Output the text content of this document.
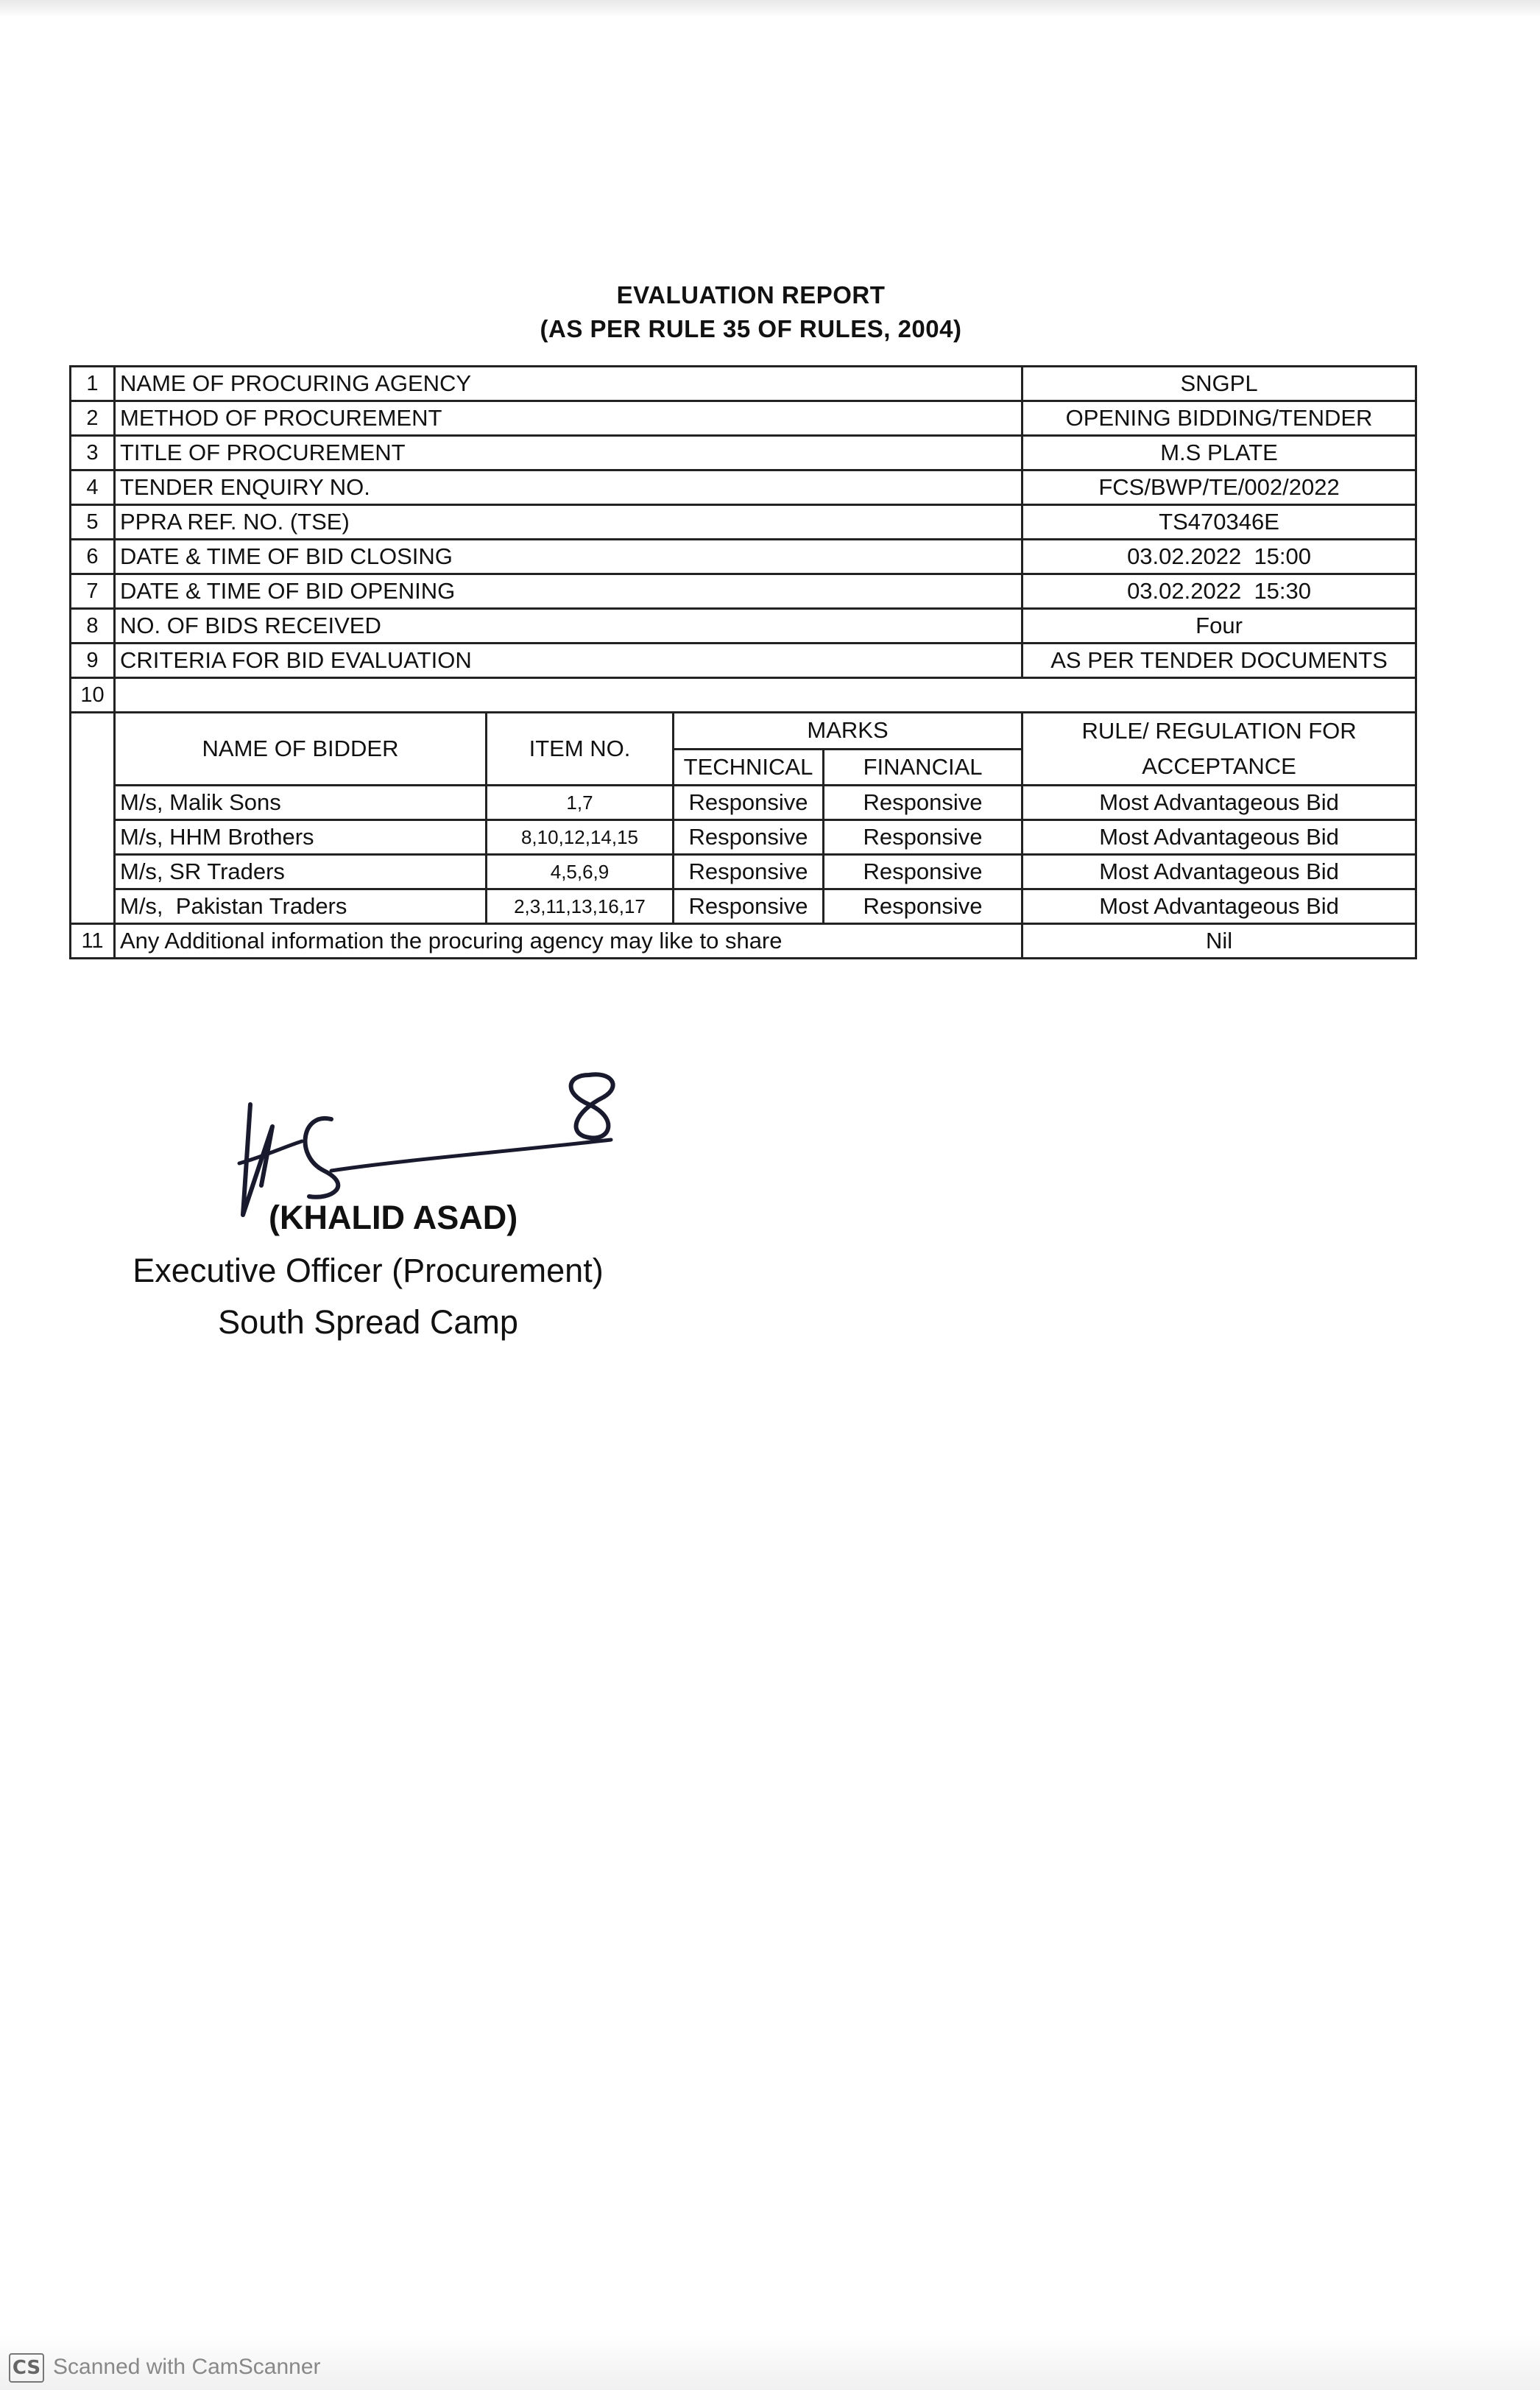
EVALUATION REPORT
(AS PER RULE 35 OF RULES, 2004)
1	NAME OF PROCURING AGENCY				SNGPL
2	METHOD OF PROCUREMENT				OPENING BIDDING/TENDER
3	TITLE OF PROCUREMENT				M.S PLATE
4	TENDER ENQUIRY NO.				FCS/BWP/TE/002/2022
5	PPRA REF. NO. (TSE)				TS470346E
6	DATE & TIME OF BID CLOSING				03.02.2022  15:00
7	DATE & TIME OF BID OPENING				03.02.2022  15:30
8	NO. OF BIDS RECEIVED				Four
9	CRITERIA FOR BID EVALUATION				AS PER TENDER DOCUMENTS
10					
	NAME OF BIDDER	ITEM NO.	MARKS		RULE/ REGULATION FOR ACCEPTANCE
			TECHNICAL	FINANCIAL	
	M/s, Malik Sons	1,7	Responsive	Responsive	Most Advantageous Bid
	M/s, HHM Brothers	8,10,12,14,15	Responsive	Responsive	Most Advantageous Bid
	M/s, SR Traders	4,5,6,9	Responsive	Responsive	Most Advantageous Bid
	M/s,  Pakistan Traders	2,3,11,13,16,17	Responsive	Responsive	Most Advantageous Bid
11	Any Additional information the procuring agency may like to share				Nil
(KHALID ASAD)
Executive Officer (Procurement)
South Spread Camp
CS Scanned with CamScanner
